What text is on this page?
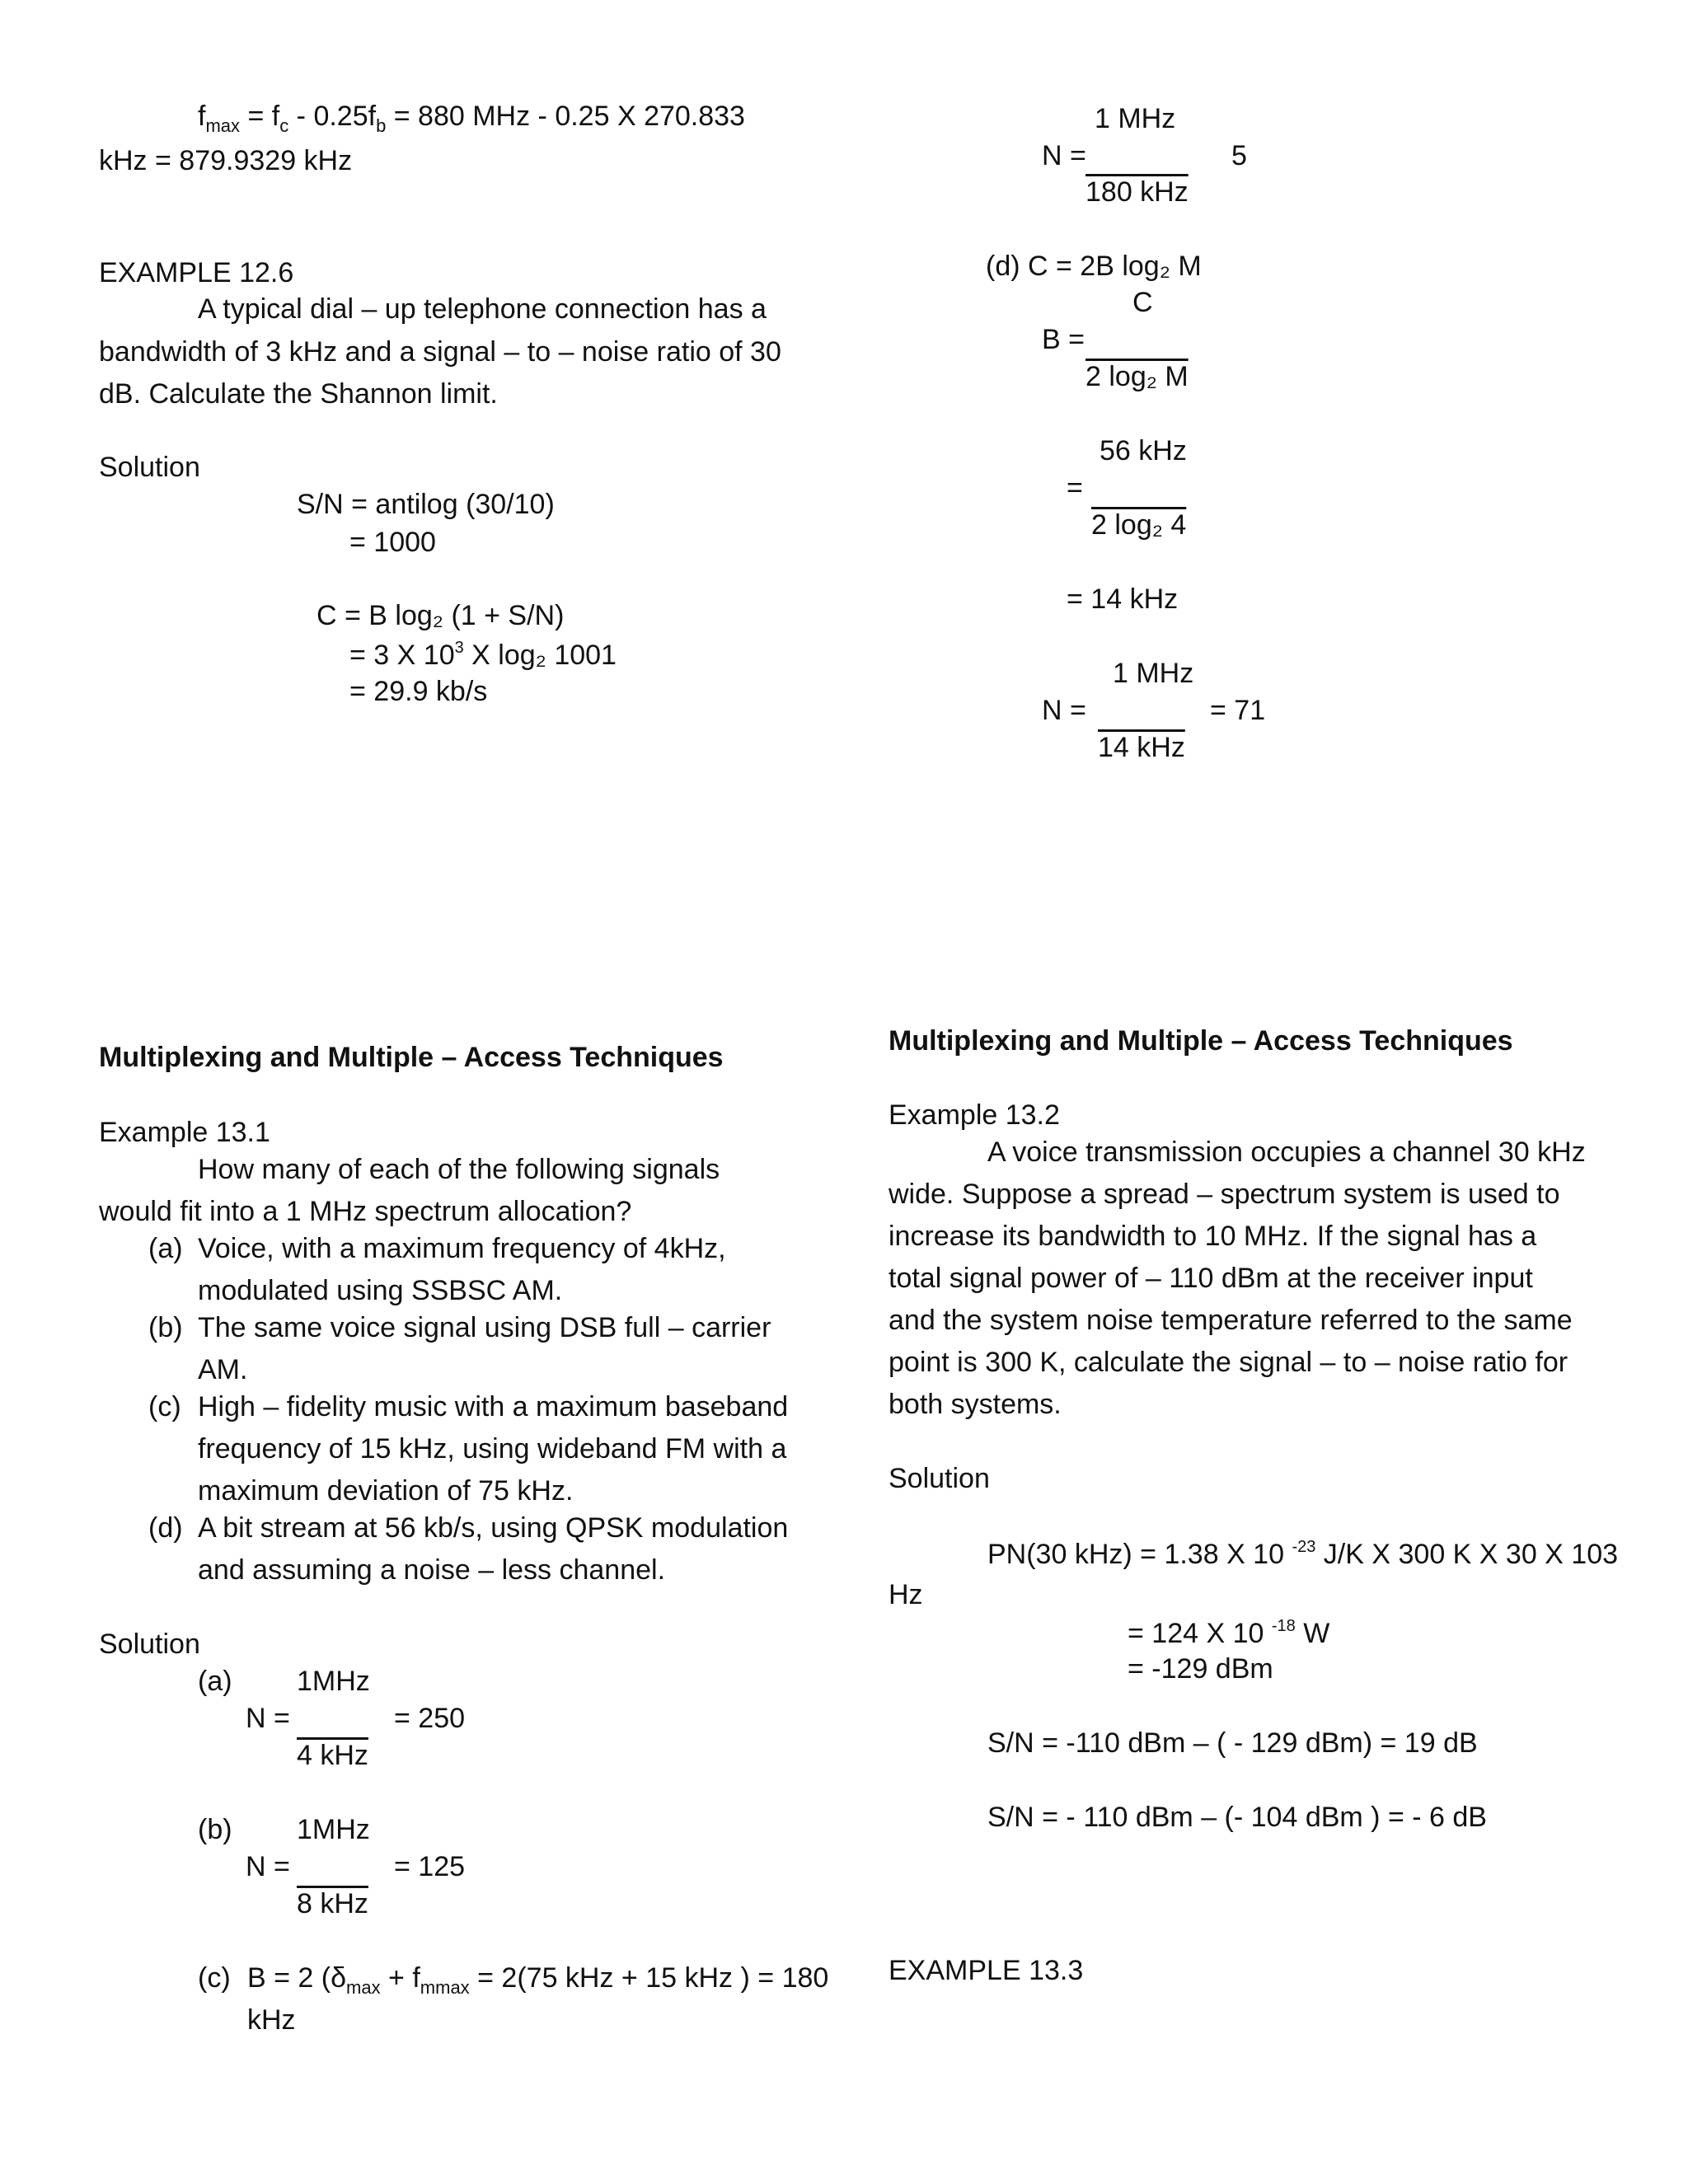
$f_{max} = f_c - 0.25f_b = 880$ MHz - 0.25 X 270.833
kHz = 879.9329 kHz
EXAMPLE 12.6
A typical dial – up telephone connection has a
bandwidth of 3 kHz and a signal – to – noise ratio of 30
dB. Calculate the Shannon limit.
Solution
S/N = antilog (30/10)
= 1000
C = B log₂ (1 + S/N)
= 3 X $10^3$ X log₂ 1001
= 29.9 kb/s
1 MHz
N =
180 kHz
5
(d) C = 2B log₂ M
C
B =
2 log₂ M
56 kHz
=
2 log₂ 4
= 14 kHz
1 MHz
N =
14 kHz
= 71
Multiplexing and Multiple – Access Techniques
Example 13.1
How many of each of the following signals
would fit into a 1 MHz spectrum allocation?
(a) Voice, with a maximum frequency of 4kHz,
modulated using SSBSC AM.
(b) The same voice signal using DSB full – carrier
AM.
(c) High – fidelity music with a maximum baseband
frequency of 15 kHz, using wideband FM with a
maximum deviation of 75 kHz.
(d) A bit stream at 56 kb/s, using QPSK modulation
and assuming a noise – less channel.
Solution
(a) 1MHz
N =
4 kHz
= 250
(b) 1MHz
N =
8 kHz
= 125
(c) B = 2 ($\delta_{max} + f_{mmax} = 2(75$ kHz + 15 kHz ) = 180
kHz
Multiplexing and Multiple – Access Techniques
Example 13.2
A voice transmission occupies a channel 30 kHz
wide. Suppose a spread – spectrum system is used to
increase its bandwidth to 10 MHz. If the signal has a
total signal power of – 110 dBm at the receiver input
and the system noise temperature referred to the same
point is 300 K, calculate the signal – to – noise ratio for
both systems.
Solution
PN(30 kHz) = 1.38 X 10 $^{-23}$ J/K X 300 K X 30 X 103
Hz
= 124 X 10 $^{-18}$ W
= -129 dBm
S/N = -110 dBm – ( - 129 dBm) = 19 dB
S/N = - 110 dBm – (- 104 dBm ) = - 6 dB
EXAMPLE 13.3
